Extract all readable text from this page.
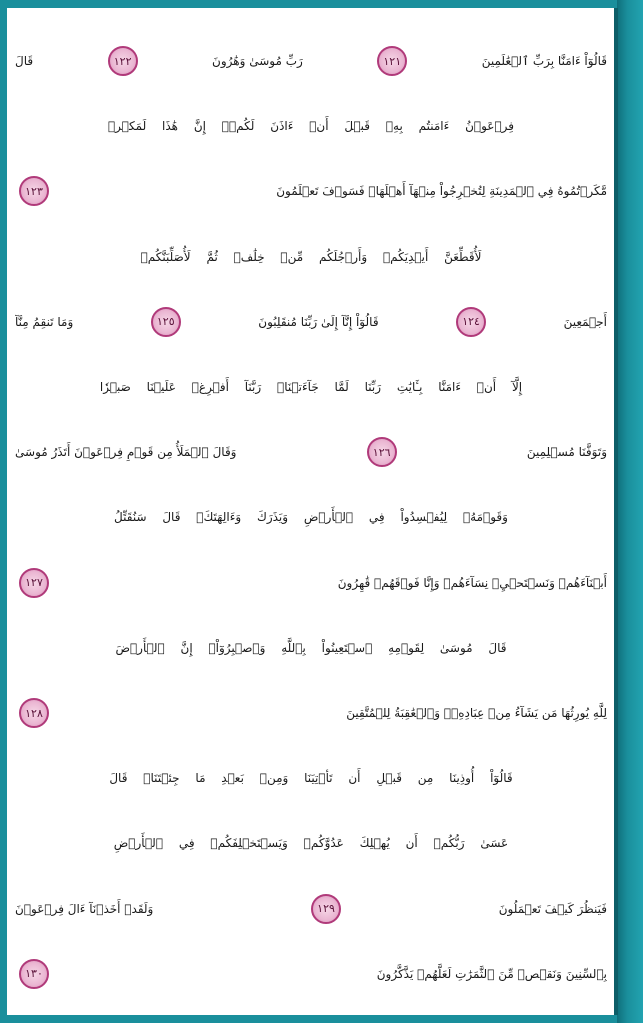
قَالُوٓاْ ءَامَنَّا بِرَبِّ ٱلۡعَٰلَمِينَ
١٢١
رَبِّ مُوسَىٰ وَهَٰرُونَ
١٢٢
قَالَ
فِرۡعَوۡنُ ءَامَنتُم بِهِۦ قَبۡلَ أَنۡ ءَاذَنَ لَكُمۡۖ إِنَّ هَٰذَا لَمَكۡرٞ
مَّكَرۡتُمُوهُ فِي ٱلۡمَدِينَةِ لِتُخۡرِجُواْ مِنۡهَآ أَهۡلَهَاۖ فَسَوۡفَ تَعۡلَمُونَ
١٢٣
لَأُقَطِّعَنَّ أَيۡدِيَكُمۡ وَأَرۡجُلَكُم مِّنۡ خِلَٰفٖ ثُمَّ لَأُصَلِّبَنَّكُمۡ
أَجۡمَعِينَ
١٢٤
قَالُوٓاْ إِنَّآ إِلَىٰ رَبِّنَا مُنقَلِبُونَ
١٢٥
وَمَا تَنقِمُ مِنَّآ
إِلَّآ أَنۡ ءَامَنَّا بِـَٔايَٰتِ رَبِّنَا لَمَّا جَآءَتۡنَاۚ رَبَّنَآ أَفۡرِغۡ عَلَيۡنَا صَبۡرٗا
وَتَوَفَّنَا مُسۡلِمِينَ
١٢٦
وَقَالَ ٱلۡمَلَأُ مِن قَوۡمِ فِرۡعَوۡنَ أَتَذَرُ مُوسَىٰ
وَقَوۡمَهُۥ لِيُفۡسِدُواْ فِي ٱلۡأَرۡضِ وَيَذَرَكَ وَءَالِهَتَكَۚ قَالَ سَنُقَتِّلُ
أَبۡنَآءَهُمۡ وَنَسۡتَحۡيِۦ نِسَآءَهُمۡ وَإِنَّا فَوۡقَهُمۡ قَٰهِرُونَ
١٢٧
قَالَ مُوسَىٰ لِقَوۡمِهِ ٱسۡتَعِينُواْ بِٱللَّهِ وَٱصۡبِرُوٓاْۖ إِنَّ ٱلۡأَرۡضَ
لِلَّهِ يُورِثُهَا مَن يَشَآءُ مِنۡ عِبَادِهِۦۖ وَٱلۡعَٰقِبَةُ لِلۡمُتَّقِينَ
١٢٨
قَالُوٓاْ أُوذِينَا مِن قَبۡلِ أَن تَأۡتِيَنَا وَمِنۢ بَعۡدِ مَا جِئۡتَنَاۚ قَالَ
عَسَىٰ رَبُّكُمۡ أَن يُهۡلِكَ عَدُوَّكُمۡ وَيَسۡتَخۡلِفَكُمۡ فِي ٱلۡأَرۡضِ
فَيَنظُرَ كَيۡفَ تَعۡمَلُونَ
١٢٩
وَلَقَدۡ أَخَذۡنَآ ءَالَ فِرۡعَوۡنَ
بِٱلسِّنِينَ وَنَقۡصٖ مِّنَ ٱلثَّمَرَٰتِ لَعَلَّهُمۡ يَذَّكَّرُونَ
١٣٠
